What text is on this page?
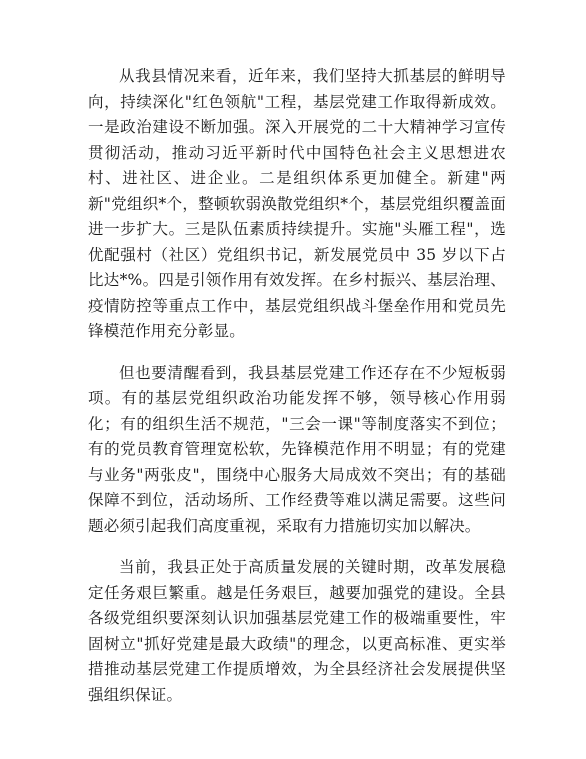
从我县情况来看，近年来，我们坚持大抓基层的鲜明导向，持续深化"红色领航"工程，基层党建工作取得新成效。一是政治建设不断加强。深入开展党的二十大精神学习宣传贯彻活动，推动习近平新时代中国特色社会主义思想进农村、进社区、进企业。二是组织体系更加健全。新建"两新"党组织*个，整顿软弱涣散党组织*个，基层党组织覆盖面进一步扩大。三是队伍素质持续提升。实施"头雁工程"，选优配强村（社区）党组织书记，新发展党员中 35 岁以下占比达*%。四是引领作用有效发挥。在乡村振兴、基层治理、疫情防控等重点工作中，基层党组织战斗堡垒作用和党员先锋模范作用充分彰显。

但也要清醒看到，我县基层党建工作还存在不少短板弱项。有的基层党组织政治功能发挥不够，领导核心作用弱化；有的组织生活不规范，"三会一课"等制度落实不到位；有的党员教育管理宽松软，先锋模范作用不明显；有的党建与业务"两张皮"，围绕中心服务大局成效不突出；有的基础保障不到位，活动场所、工作经费等难以满足需要。这些问题必须引起我们高度重视，采取有力措施切实加以解决。

当前，我县正处于高质量发展的关键时期，改革发展稳定任务艰巨繁重。越是任务艰巨，越要加强党的建设。全县各级党组织要深刻认识加强基层党建工作的极端重要性，牢固树立"抓好党建是最大政绩"的理念，以更高标准、更实举措推动基层党建工作提质增效，为全县经济社会发展提供坚强组织保证。
